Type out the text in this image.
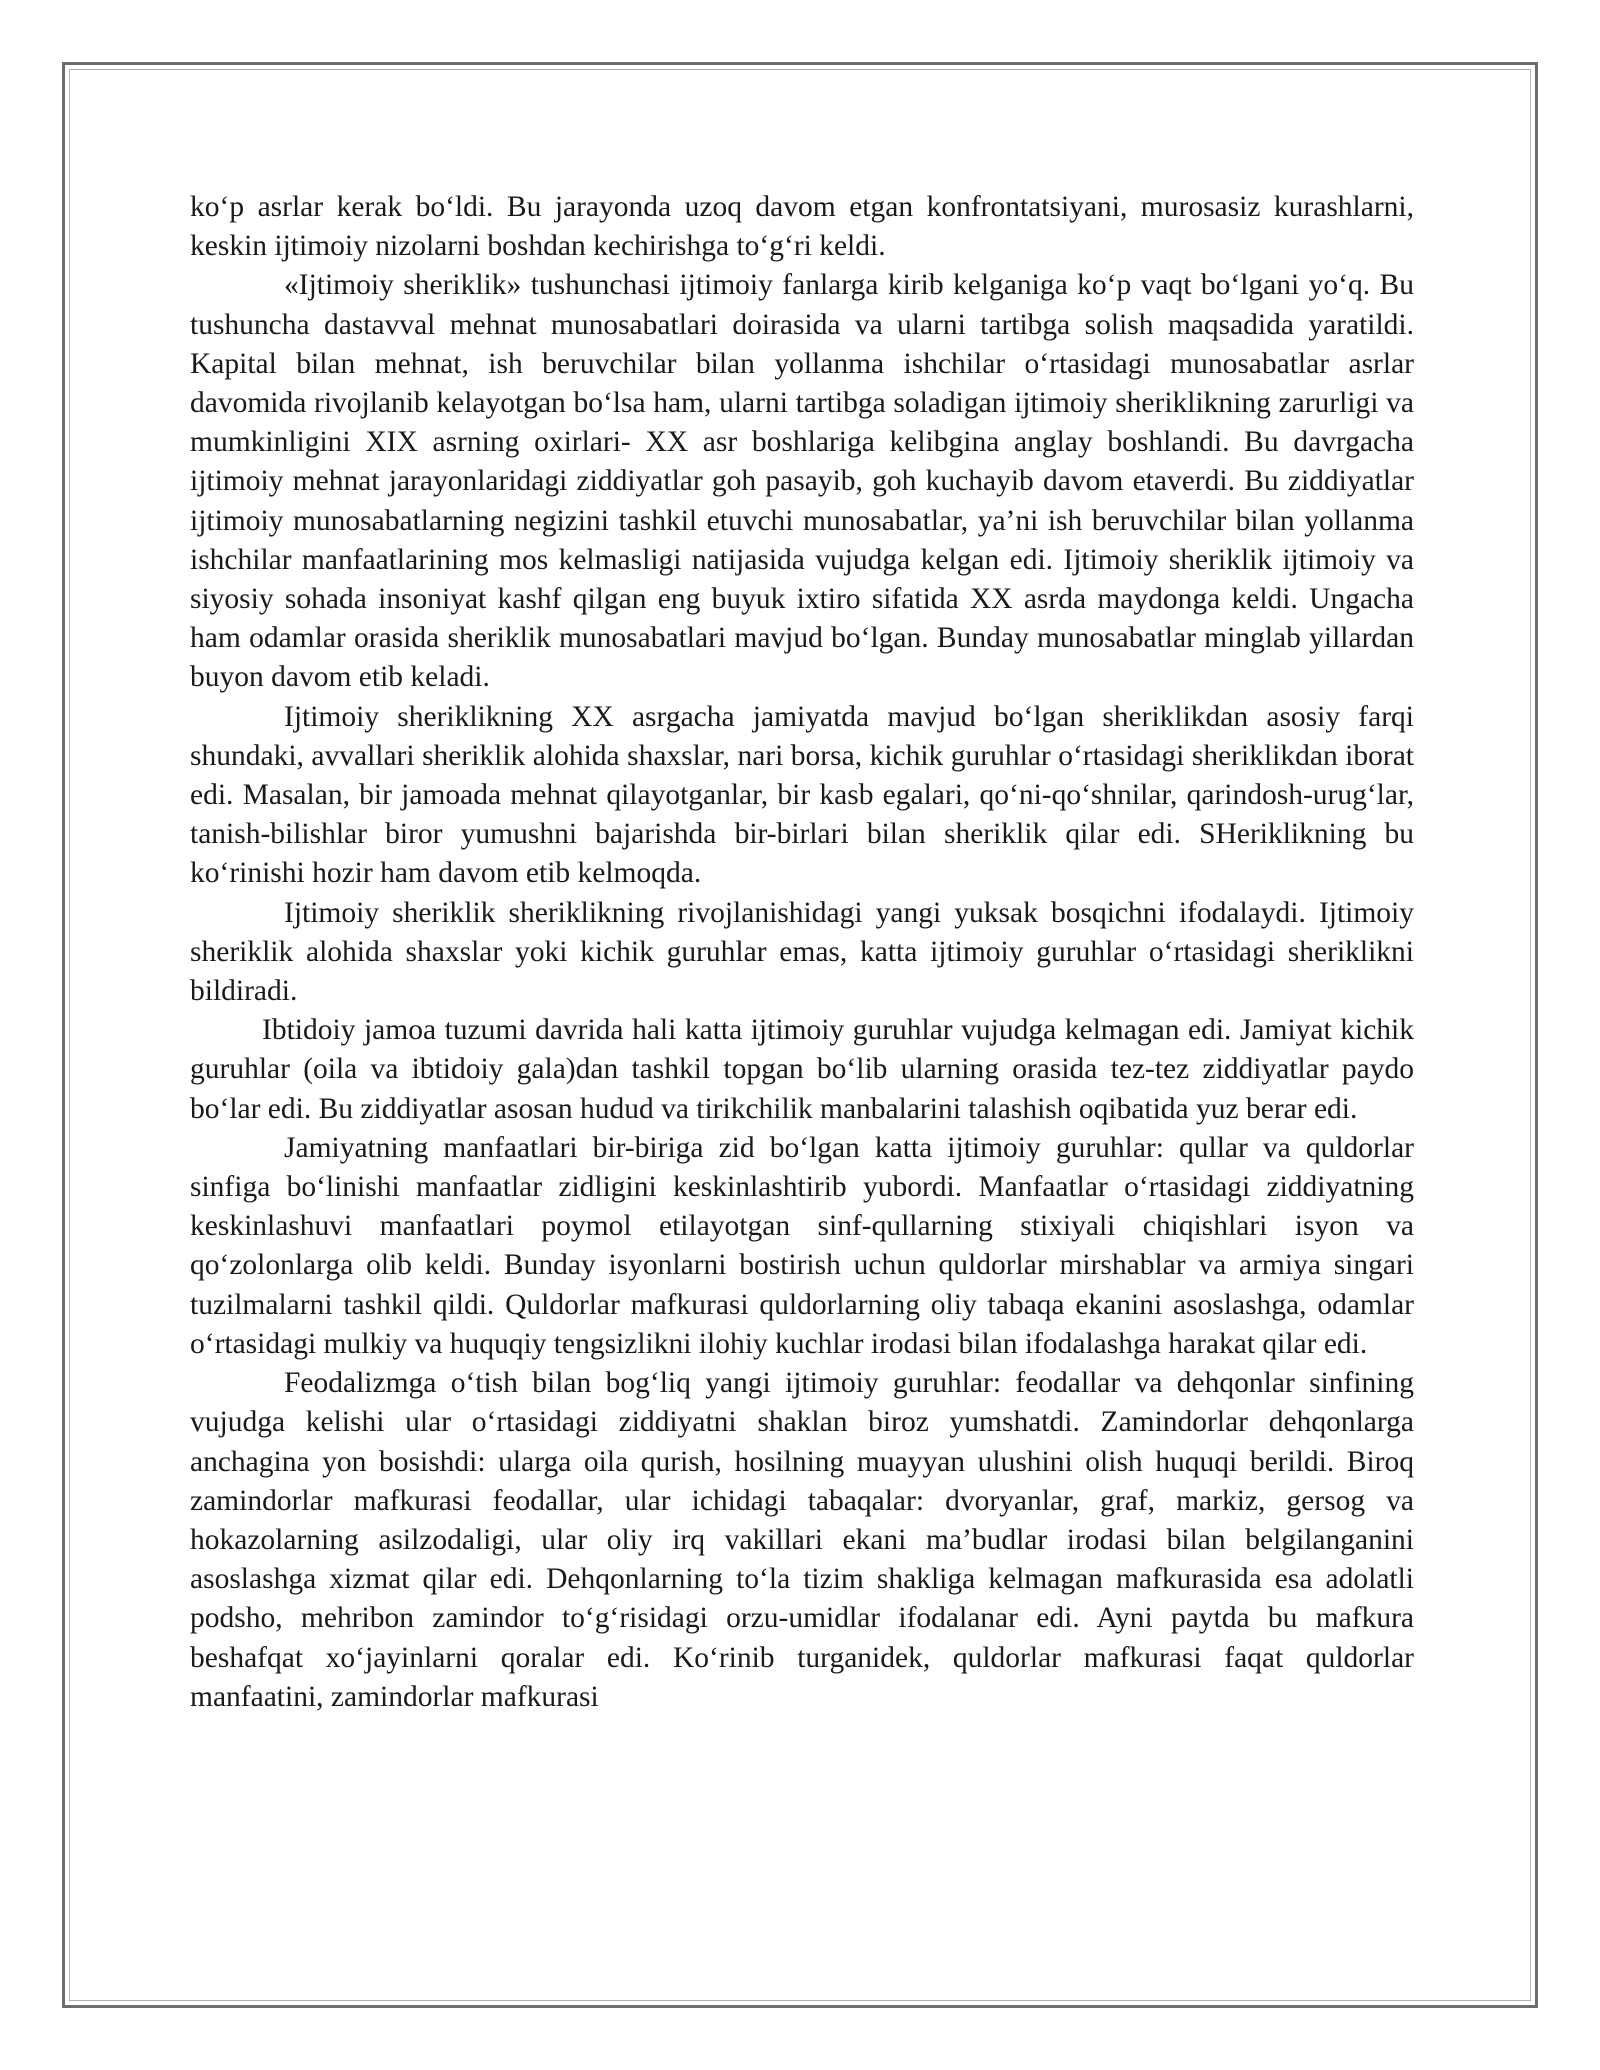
ko‘p asrlar kerak bo‘ldi. Bu jarayonda uzoq davom etgan konfrontatsiyani, murosasiz kurashlarni, keskin ijtimoiy nizolarni boshdan kechirishga to‘g‘ri keldi.

«Ijtimoiy sheriklik» tushunchasi ijtimoiy fanlarga kirib kelganiga ko‘p vaqt bo‘lgani yo‘q. Bu tushuncha dastavval mehnat munosabatlari doirasida va ularni tartibga solish maqsadida yaratildi. Kapital bilan mehnat, ish beruvchilar bilan yollanma ishchilar o‘rtasidagi munosabatlar asrlar davomida rivojlanib kelayotgan bo‘lsa ham, ularni tartibga soladigan ijtimoiy sheriklikning zarurligi va mumkinligini XIX asrning oxirlari- XX asr boshlariga kelibgina anglay boshlandi. Bu davrgacha ijtimoiy mehnat jarayonlaridagi ziddiyatlar goh pasayib, goh kuchayib davom etaverdi. Bu ziddiyatlar ijtimoiy munosabatlarning negizini tashkil etuvchi munosabatlar, ya’ni ish beruvchilar bilan yollanma ishchilar manfaatlarining mos kelmasligi natijasida vujudga kelgan edi. Ijtimoiy sheriklik ijtimoiy va siyosiy sohada insoniyat kashf qilgan eng buyuk ixtiro sifatida XX asrda maydonga keldi. Ungacha ham odamlar orasida sheriklik munosabatlari mavjud bo‘lgan. Bunday munosabatlar minglab yillardan buyon davom etib keladi.

Ijtimoiy sheriklikning XX asrgacha jamiyatda mavjud bo‘lgan sheriklikdan asosiy farqi shundaki, avvallari sheriklik alohida shaxslar, nari borsa, kichik guruhlar o‘rtasidagi sheriklikdan iborat edi. Masalan, bir jamoada mehnat qilayotganlar, bir kasb egalari, qo‘ni-qo‘shnilar, qarindosh-urug‘lar, tanish-bilishlar biror yumushni bajarishda bir-birlari bilan sheriklik qilar edi. SHeriklikning bu ko‘rinishi hozir ham davom etib kelmoqda.

Ijtimoiy sheriklik sheriklikning rivojlanishidagi yangi yuksak bosqichni ifodalaydi. Ijtimoiy sheriklik alohida shaxslar yoki kichik guruhlar emas, katta ijtimoiy guruhlar o‘rtasidagi sheriklikni bildiradi.

Ibtidoiy jamoa tuzumi davrida hali katta ijtimoiy guruhlar vujudga kelmagan edi. Jamiyat kichik guruhlar (oila va ibtidoiy gala)dan tashkil topgan bo‘lib ularning orasida tez-tez ziddiyatlar paydo bo‘lar edi. Bu ziddiyatlar asosan hudud va tirikchilik manbalarini talashish oqibatida yuz berar edi.

Jamiyatning manfaatlari bir-biriga zid bo‘lgan katta ijtimoiy guruhlar: qullar va quldorlar sinfiga bo‘linishi manfaatlar zidligini keskinlashtirib yubordi. Manfaatlar o‘rtasidagi ziddiyatning keskinlashuvi manfaatlari poymol etilayotgan sinf-qullarning stixiyali chiqishlari isyon va qo‘zolonlarga olib keldi. Bunday isyonlarni bostirish uchun quldorlar mirshablar va armiya singari tuzilmalarni tashkil qildi. Quldorlar mafkurasi quldorlarning oliy tabaqa ekanini asoslashga, odamlar o‘rtasidagi mulkiy va huquqiy tengsizlikni ilohiy kuchlar irodasi bilan ifodalashga harakat qilar edi.

Feodalizmga o‘tish bilan bog‘liq yangi ijtimoiy guruhlar: feodallar va dehqonlar sinfining vujudga kelishi ular o‘rtasidagi ziddiyatni shaklan biroz yumshatdi. Zamindorlar dehqonlarga anchagina yon bosishdi: ularga oila qurish, hosilning muayyan ulushini olish huquqi berildi. Biroq zamindorlar mafkurasi feodallar, ular ichidagi tabaqalar: dvoryanlar, graf, markiz, gersog va hokazolarning asilzodaligi, ular oliy irq vakillari ekani ma’budlar irodasi bilan belgilanganini asoslashga xizmat qilar edi. Dehqonlarning to‘la tizim shakliga kelmagan mafkurasida esa adolatli podsho, mehribon zamindor to‘g‘risidagi orzu-umidlar ifodalanar edi. Ayni paytda bu mafkura beshafqat xo‘jayinlarni qoralar edi. Ko‘rinib turganidek, quldorlar mafkurasi faqat quldorlar manfaatini, zamindorlar mafkurasi
